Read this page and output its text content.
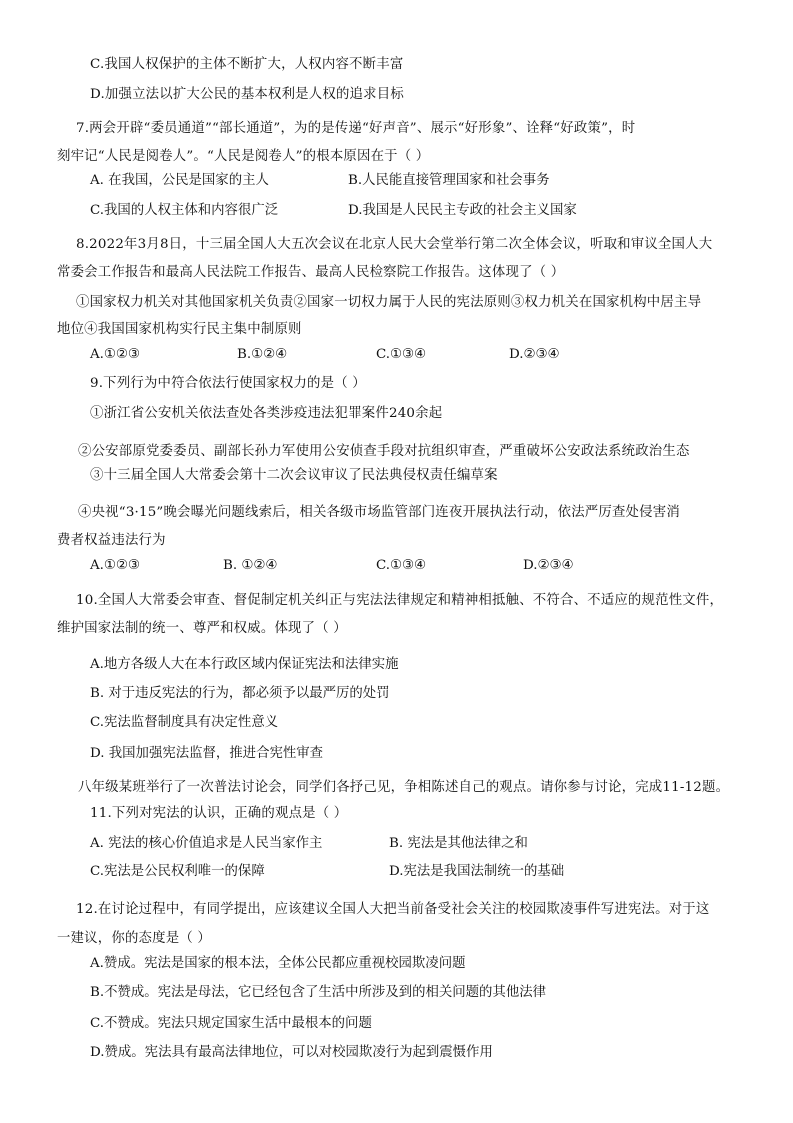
C.我国人权保护的主体不断扩大，人权内容不断丰富
D.加强立法以扩大公民的基本权利是人权的追求目标
7.两会开辟“委员通道”“部长通道”，为的是传递“好声音”、展示“好形象”、诠释“好政策”，时
刻牢记“人民是阅卷人”。“人民是阅卷人”的根本原因在于（ ）
A. 在我国，公民是国家的主人	B.人民能直接管理国家和社会事务
C.我国的人权主体和内容很广泛	D.我国是人民民主专政的社会主义国家
8.2022年3月8日，十三届全国人大五次会议在北京人民大会堂举行第二次全体会议，听取和审议全国人大
常委会工作报告和最高人民法院工作报告、最高人民检察院工作报告。这体现了（ ）
①国家权力机关对其他国家机关负责②国家一切权力属于人民的宪法原则③权力机关在国家机构中居主导
地位④我国国家机构实行民主集中制原则
A.①②③	B.①②④	C.①③④	D.②③④
9.下列行为中符合依法行使国家权力的是（ ）
①浙江省公安机关依法查处各类涉疫违法犯罪案件240余起
②公安部原党委委员、副部长孙力军使用公安侦查手段对抗组织审查，严重破坏公安政法系统政治生态
③十三届全国人大常委会第十二次会议审议了民法典侵权责任编草案
④央视“3·15”晚会曝光问题线索后，相关各级市场监管部门连夜开展执法行动，依法严厉查处侵害消
费者权益违法行为
A.①②③	B. ①②④	C.①③④	D.②③④
10.全国人大常委会审查、督促制定机关纠正与宪法法律规定和精神相抵触、不符合、不适应的规范性文件，
维护国家法制的统一、尊严和权威。体现了（ ）
A.地方各级人大在本行政区域内保证宪法和法律实施
B. 对于违反宪法的行为，都必须予以最严厉的处罚
C.宪法监督制度具有决定性意义
D. 我国加强宪法监督，推进合宪性审查
八年级某班举行了一次普法讨论会，同学们各抒己见，争相陈述自己的观点。请你参与讨论，完成11-12题。
11.下列对宪法的认识，正确的观点是（ ）
A. 宪法的核心价值追求是人民当家作主	B. 宪法是其他法律之和
C.宪法是公民权利唯一的保障	D.宪法是我国法制统一的基础
12.在讨论过程中，有同学提出，应该建议全国人大把当前备受社会关注的校园欺凌事件写进宪法。对于这
一建议，你的态度是（ ）
A.赞成。宪法是国家的根本法，全体公民都应重视校园欺凌问题
B.不赞成。宪法是母法，它已经包含了生活中所涉及到的相关问题的其他法律
C.不赞成。宪法只规定国家生活中最根本的问题
D.赞成。宪法具有最高法律地位，可以对校园欺凌行为起到震慑作用
